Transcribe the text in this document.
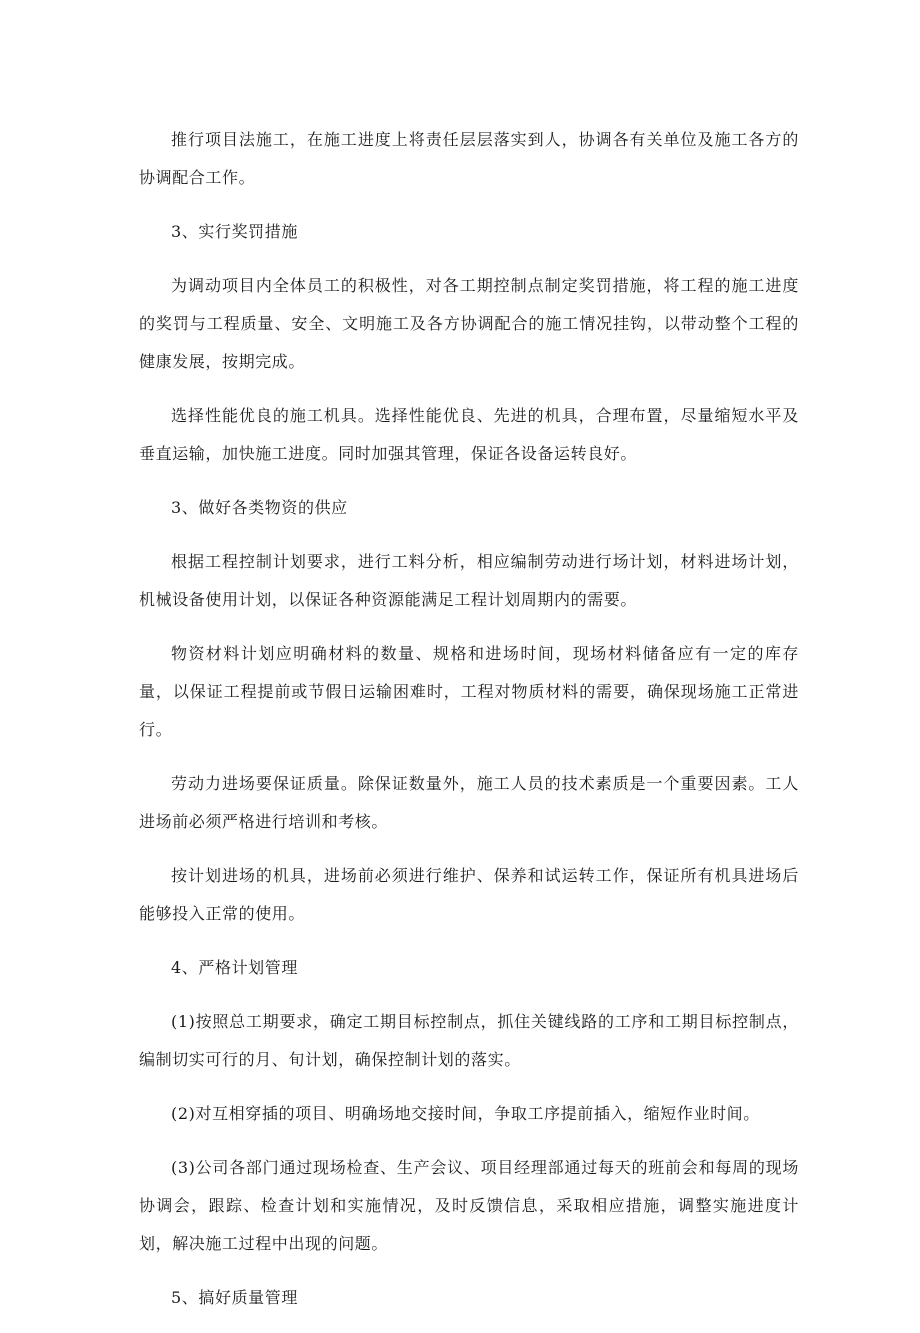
推行项目法施工，在施工进度上将责任层层落实到人，协调各有关单位及施工各方的协调配合工作。

3、实行奖罚措施

为调动项目内全体员工的积极性，对各工期控制点制定奖罚措施，将工程的施工进度的奖罚与工程质量、安全、文明施工及各方协调配合的施工情况挂钩，以带动整个工程的健康发展，按期完成。

选择性能优良的施工机具。选择性能优良、先进的机具，合理布置，尽量缩短水平及垂直运输，加快施工进度。同时加强其管理，保证各设备运转良好。

3、做好各类物资的供应

根据工程控制计划要求，进行工料分析，相应编制劳动进行场计划，材料进场计划，机械设备使用计划，以保证各种资源能满足工程计划周期内的需要。

物资材料计划应明确材料的数量、规格和进场时间，现场材料储备应有一定的库存量，以保证工程提前或节假日运输困难时，工程对物质材料的需要，确保现场施工正常进行。

劳动力进场要保证质量。除保证数量外，施工人员的技术素质是一个重要因素。工人进场前必须严格进行培训和考核。

按计划进场的机具，进场前必须进行维护、保养和试运转工作，保证所有机具进场后能够投入正常的使用。

4、严格计划管理

(1)按照总工期要求，确定工期目标控制点，抓住关键线路的工序和工期目标控制点，编制切实可行的月、旬计划，确保控制计划的落实。

(2)对互相穿插的项目、明确场地交接时间，争取工序提前插入，缩短作业时间。

(3)公司各部门通过现场检查、生产会议、项目经理部通过每天的班前会和每周的现场协调会，跟踪、检查计划和实施情况，及时反馈信息，采取相应措施，调整实施进度计划，解决施工过程中出现的问题。

5、搞好质量管理
